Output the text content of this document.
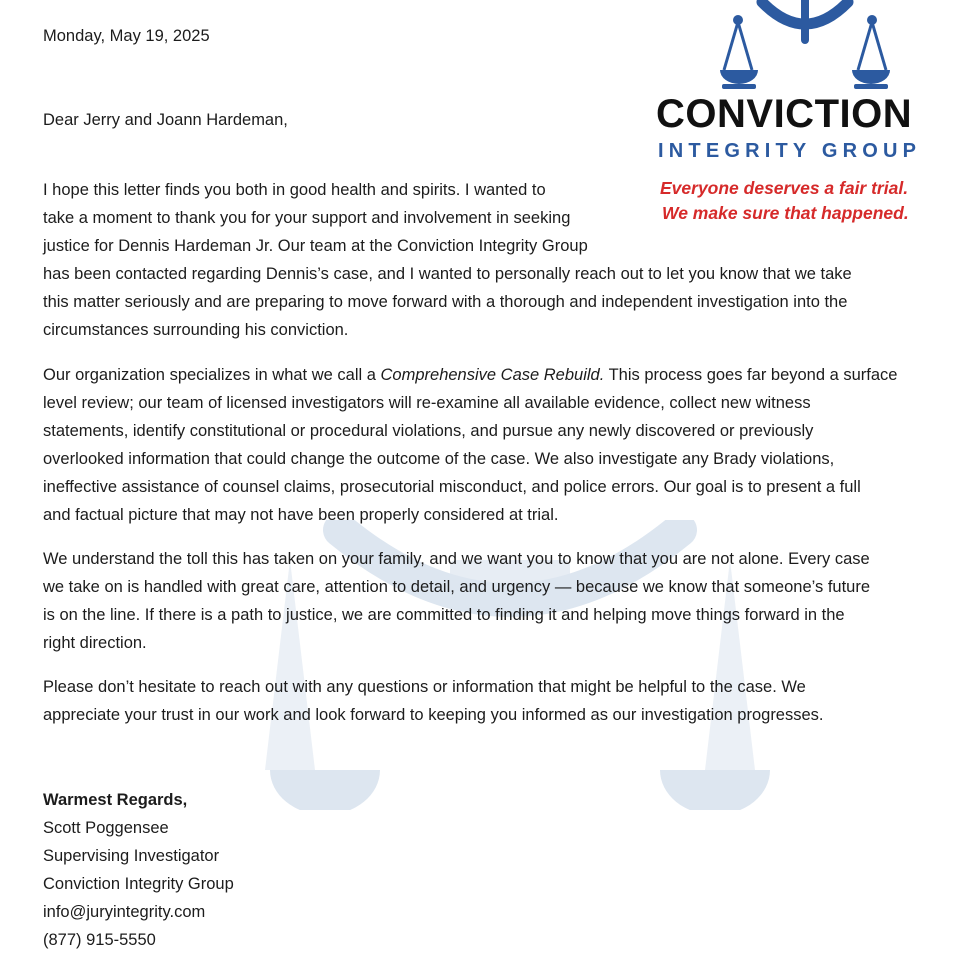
CONVICTION
INTEGRITY GROUP
Everyone deserves a fair trial.
We make sure that happened.
Monday, May 19, 2025
Dear Jerry and Joann Hardeman,
I hope this letter finds you both in good health and spirits. I wanted to
take a moment to thank you for your support and involvement in seeking
justice for Dennis Hardeman Jr. Our team at the Conviction Integrity Group
has been contacted regarding Dennis’s case, and I wanted to personally reach out to let you know that we take
this matter seriously and are preparing to move forward with a thorough and independent investigation into the
circumstances surrounding his conviction.
Our organization specializes in what we call a Comprehensive Case Rebuild. This process goes far beyond a surface
level review; our team of licensed investigators will re-examine all available evidence, collect new witness
statements, identify constitutional or procedural violations, and pursue any newly discovered or previously
overlooked information that could change the outcome of the case. We also investigate any Brady violations,
ineffective assistance of counsel claims, prosecutorial misconduct, and police errors. Our goal is to present a full
and factual picture that may not have been properly considered at trial.
We understand the toll this has taken on your family, and we want you to know that you are not alone. Every case
we take on is handled with great care, attention to detail, and urgency — because we know that someone’s future
is on the line. If there is a path to justice, we are committed to finding it and helping move things forward in the
right direction.
Please don’t hesitate to reach out with any questions or information that might be helpful to the case. We
appreciate your trust in our work and look forward to keeping you informed as our investigation progresses.
Warmest Regards,
Scott Poggensee
Supervising Investigator
Conviction Integrity Group
info@juryintegrity.com
(877) 915-5550
